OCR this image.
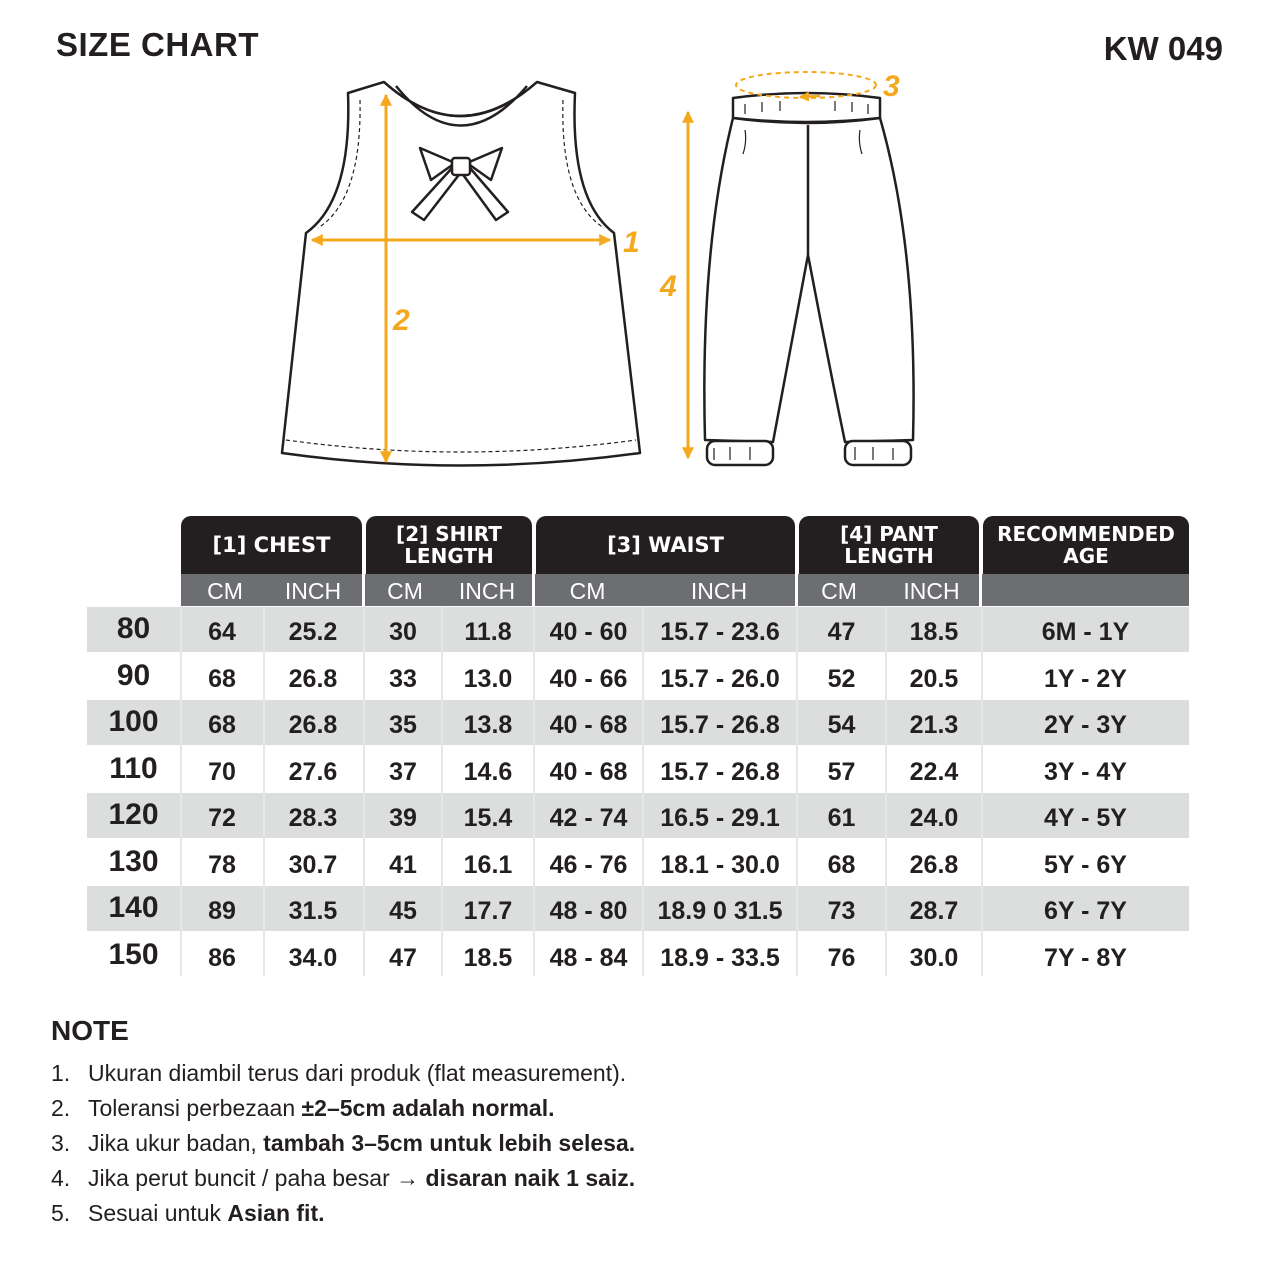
SIZE CHART	KW 049
1
2
3
4
[1] CHEST	[2] SHIRT
LENGTH	[3] WAIST	[4] PANT
LENGTH
RECOMMENDED
AGE
CM	INCH	CM	INCH	CM	INCH	CM	INCH
80	64	25.2	30	11.8	40 - 60	15.7 - 23.6	47	18.5	6M - 1Y
90	68	26.8	33	13.0	40 - 66	15.7 - 26.0	52	20.5	1Y - 2Y
100	68	26.8	35	13.8	40 - 68	15.7 - 26.8	54	21.3	2Y - 3Y
110	70	27.6	37	14.6	40 - 68	15.7 - 26.8	57	22.4	3Y - 4Y
120	72	28.3	39	15.4	42 - 74	16.5 - 29.1	61	24.0	4Y - 5Y
130	78	30.7	41	16.1	46 - 76	18.1 - 30.0	68	26.8	5Y - 6Y
140	89	31.5	45	17.7	48 - 80	18.9 0 31.5	73	28.7	6Y - 7Y
150	86	34.0	47	18.5	48 - 84	18.9 - 33.5	76	30.0	7Y - 8Y
NOTE
1. Ukuran diambil terus dari produk (flat measurement).
2. Toleransi perbezaan ±2–5cm adalah normal.
3. Jika ukur badan, tambah 3–5cm untuk lebih selesa.
4. Jika perut buncit / paha besar → disaran naik 1 saiz.
5. Sesuai untuk Asian fit.
